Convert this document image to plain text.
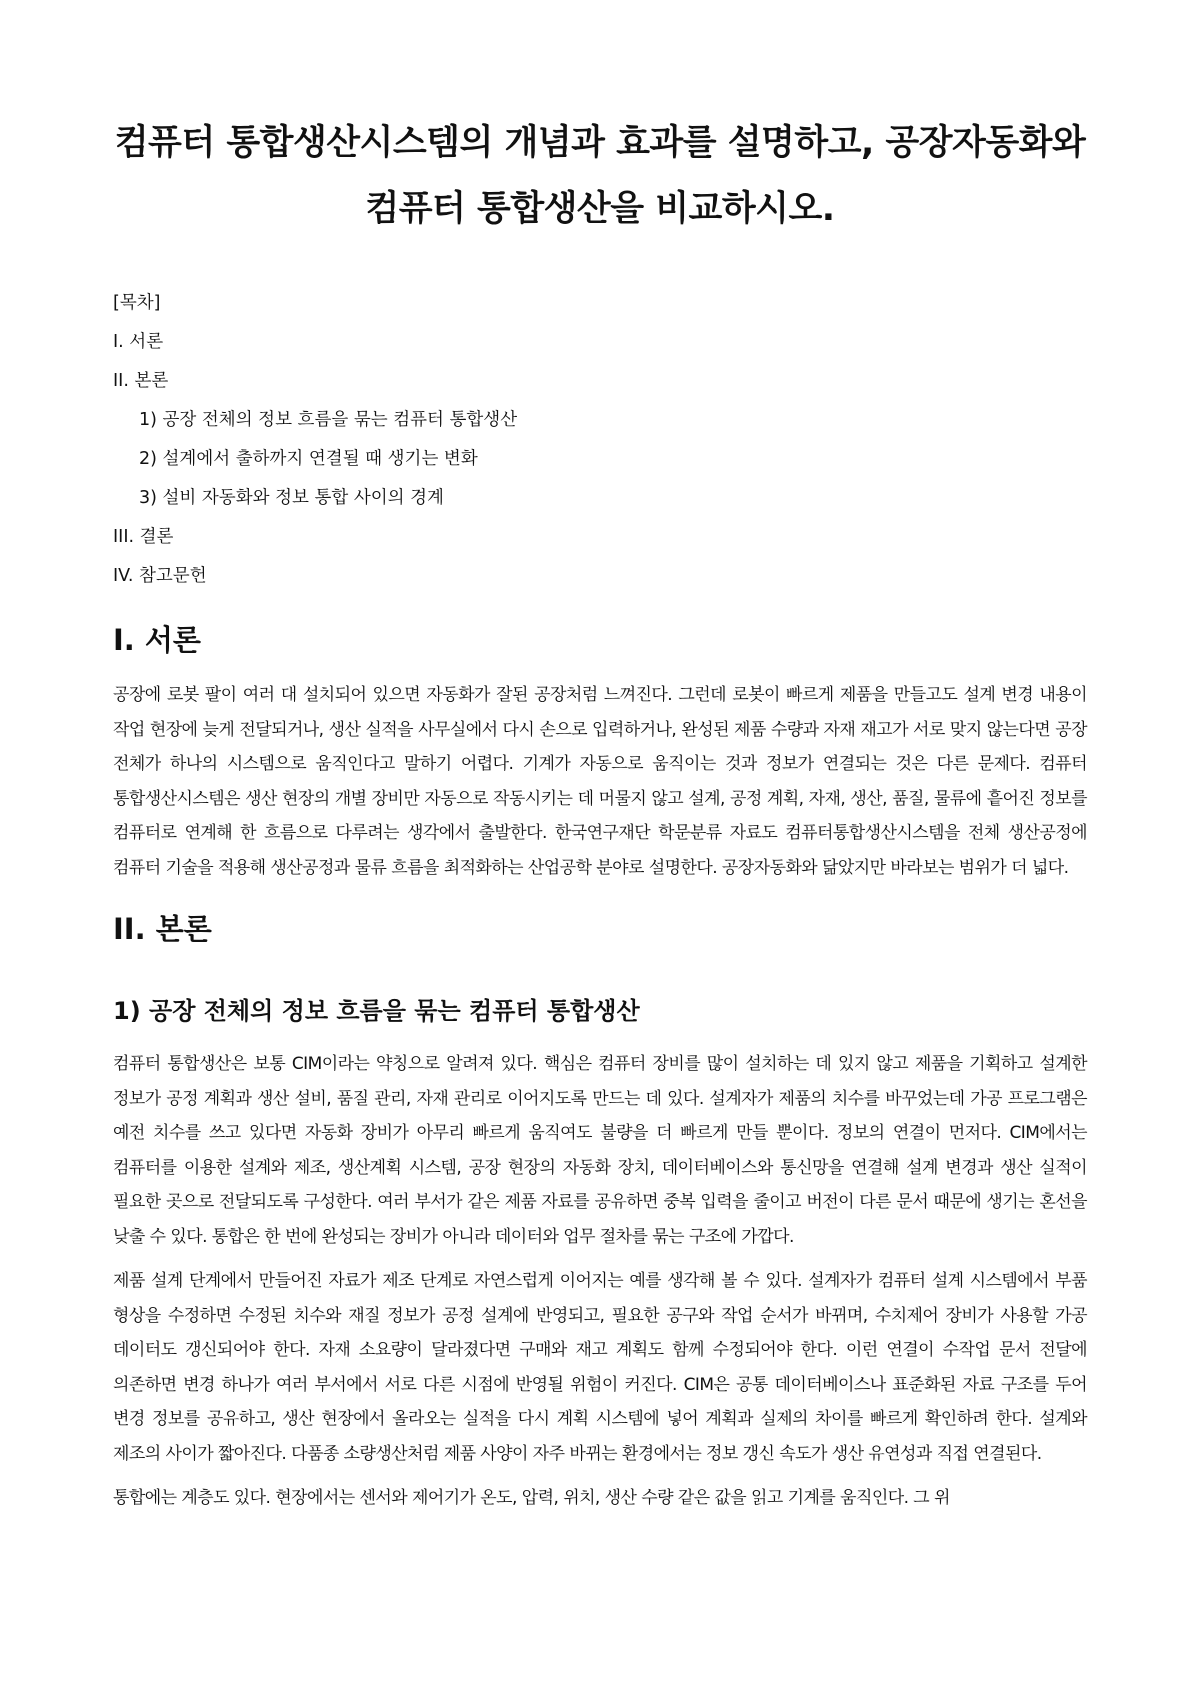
컴퓨터 통합생산시스템의 개념과 효과를 설명하고, 공장자동화와 컴퓨터 통합생산을 비교하시오.
[목차]
I. 서론
II. 본론
1) 공장 전체의 정보 흐름을 묶는 컴퓨터 통합생산
2) 설계에서 출하까지 연결될 때 생기는 변화
3) 설비 자동화와 정보 통합 사이의 경계
III. 결론
IV. 참고문헌
I. 서론

공장에 로봇 팔이 여러 대 설치되어 있으면 자동화가 잘된 공장처럼 느껴진다. 그런데 로봇이 빠르게 제품을 만들고도 설계 변경 내용이 작업 현장에 늦게 전달되거나, 생산 실적을 사무실에서 다시 손으로 입력하거나, 완성된 제품 수량과 자재 재고가 서로 맞지 않는다면 공장 전체가 하나의 시스템으로 움직인다고 말하기 어렵다. 기계가 자동으로 움직이는 것과 정보가 연결되는 것은 다른 문제다. 컴퓨터 통합생산시스템은 생산 현장의 개별 장비만 자동으로 작동시키는 데 머물지 않고 설계, 공정 계획, 자재, 생산, 품질, 물류에 흩어진 정보를 컴퓨터로 연계해 한 흐름으로 다루려는 생각에서 출발한다. 한국연구재단 학문분류 자료도 컴퓨터통합생산시스템을 전체 생산공정에 컴퓨터 기술을 적용해 생산공정과 물류 흐름을 최적화하는 산업공학 분야로 설명한다. 공장자동화와 닮았지만 바라보는 범위가 더 넓다.

II. 본론
1) 공장 전체의 정보 흐름을 묶는 컴퓨터 통합생산

컴퓨터 통합생산은 보통 CIM이라는 약칭으로 알려져 있다. 핵심은 컴퓨터 장비를 많이 설치하는 데 있지 않고 제품을 기획하고 설계한 정보가 공정 계획과 생산 설비, 품질 관리, 자재 관리로 이어지도록 만드는 데 있다. 설계자가 제품의 치수를 바꾸었는데 가공 프로그램은 예전 치수를 쓰고 있다면 자동화 장비가 아무리 빠르게 움직여도 불량을 더 빠르게 만들 뿐이다. 정보의 연결이 먼저다. CIM에서는 컴퓨터를 이용한 설계와 제조, 생산계획 시스템, 공장 현장의 자동화 장치, 데이터베이스와 통신망을 연결해 설계 변경과 생산 실적이 필요한 곳으로 전달되도록 구성한다. 여러 부서가 같은 제품 자료를 공유하면 중복 입력을 줄이고 버전이 다른 문서 때문에 생기는 혼선을 낮출 수 있다. 통합은 한 번에 완성되는 장비가 아니라 데이터와 업무 절차를 묶는 구조에 가깝다.

제품 설계 단계에서 만들어진 자료가 제조 단계로 자연스럽게 이어지는 예를 생각해 볼 수 있다. 설계자가 컴퓨터 설계 시스템에서 부품 형상을 수정하면 수정된 치수와 재질 정보가 공정 설계에 반영되고, 필요한 공구와 작업 순서가 바뀌며, 수치제어 장비가 사용할 가공 데이터도 갱신되어야 한다. 자재 소요량이 달라졌다면 구매와 재고 계획도 함께 수정되어야 한다. 이런 연결이 수작업 문서 전달에 의존하면 변경 하나가 여러 부서에서 서로 다른 시점에 반영될 위험이 커진다. CIM은 공통 데이터베이스나 표준화된 자료 구조를 두어 변경 정보를 공유하고, 생산 현장에서 올라오는 실적을 다시 계획 시스템에 넣어 계획과 실제의 차이를 빠르게 확인하려 한다. 설계와 제조의 사이가 짧아진다. 다품종 소량생산처럼 제품 사양이 자주 바뀌는 환경에서는 정보 갱신 속도가 생산 유연성과 직접 연결된다.

통합에는 계층도 있다. 현장에서는 센서와 제어기가 온도, 압력, 위치, 생산 수량 같은 값을 읽고 기계를 움직인다. 그 위
